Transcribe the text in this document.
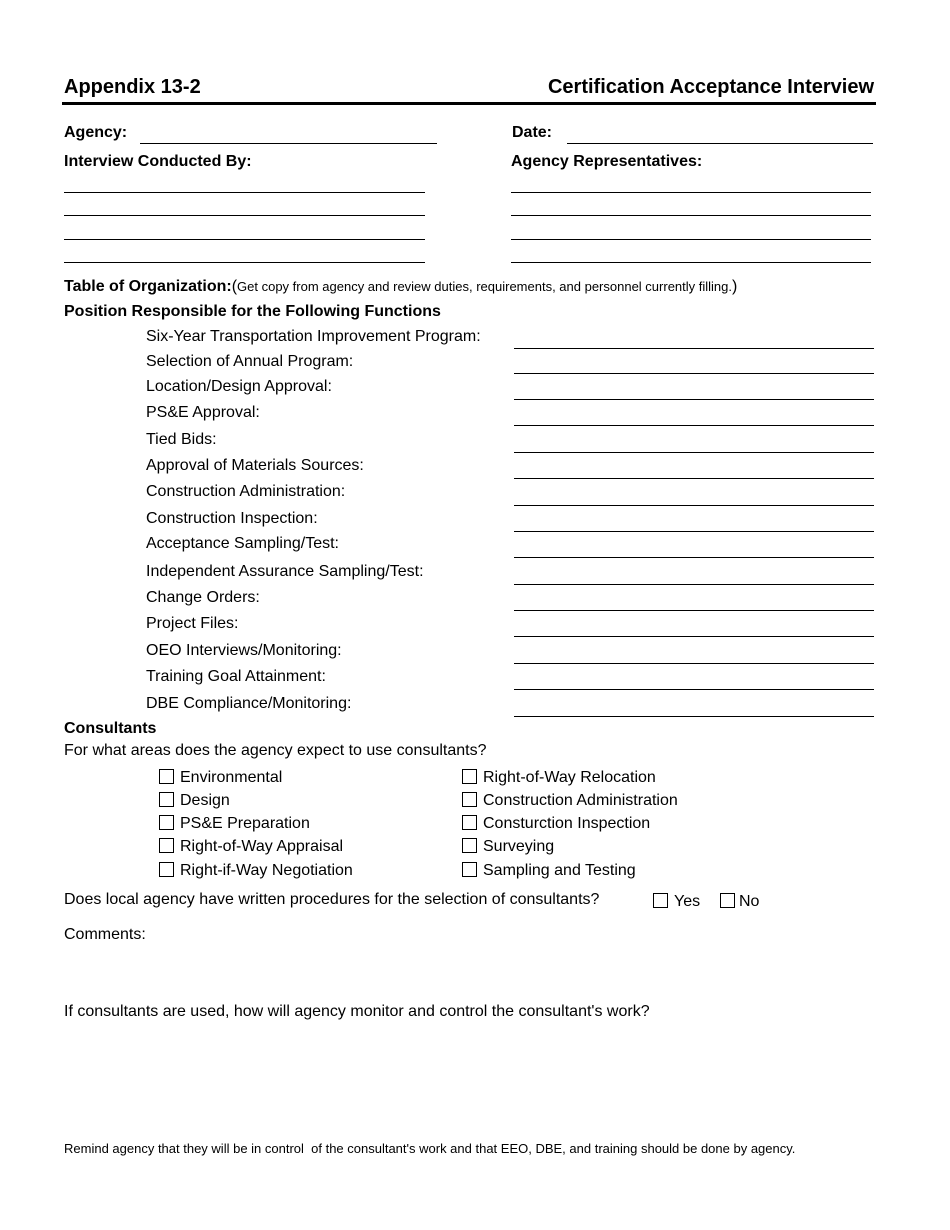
Appendix 13-2	Certification Acceptance Interview
Agency:	Date:
Interview Conducted By:	Agency Representatives:
Table of Organization:(Get copy from agency and review duties, requirements, and personnel currently filling.)
Position Responsible for the Following Functions
Six-Year Transportation Improvement Program:
Selection of Annual Program:
Location/Design Approval:
PS&E Approval:
Tied Bids:
Approval of Materials Sources:
Construction Administration:
Construction Inspection:
Acceptance Sampling/Test:
Independent Assurance Sampling/Test:
Change Orders:
Project Files:
OEO Interviews/Monitoring:
Training Goal Attainment:
DBE Compliance/Monitoring:
Consultants
For what areas does the agency expect to use consultants?
Environmental
Design
PS&E Preparation
Right-of-Way Appraisal
Right-if-Way Negotiation
Right-of-Way Relocation
Construction Administration
Consturction Inspection
Surveying
Sampling and Testing
Does local agency have written procedures for the selection of consultants?	Yes	No
Comments:
If consultants are used, how will agency monitor and control the consultant's work?
Remind agency that they will be in control  of the consultant's work and that EEO, DBE, and training should be done by agency.
